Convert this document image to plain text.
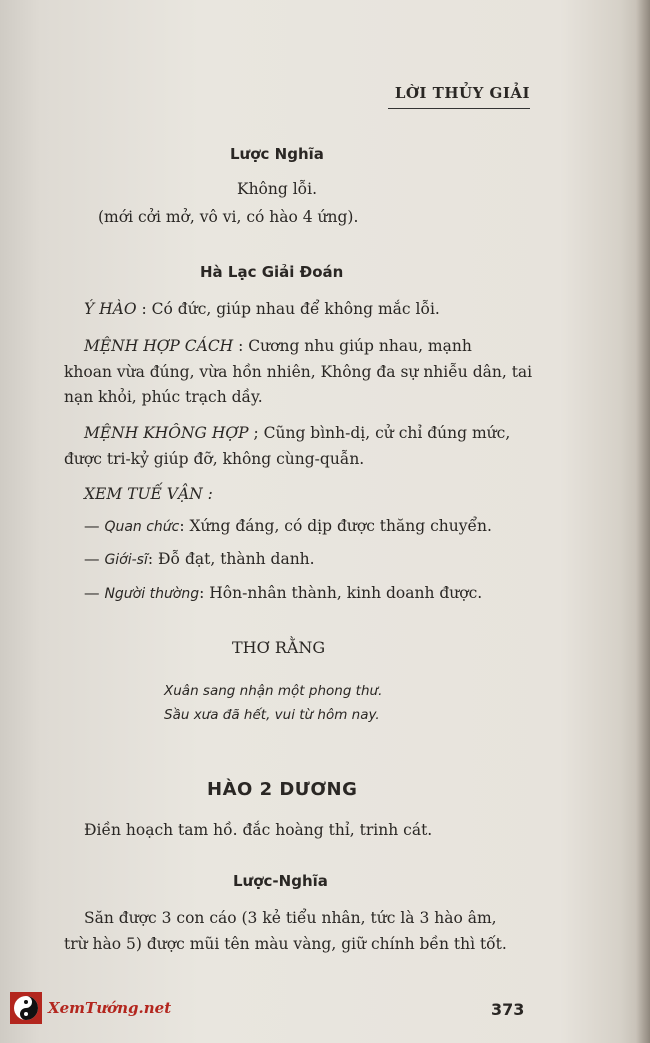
LỜI THỦY GIẢI
Lược Nghĩa
Không lỗi.
(mới cởi mở, vô vi, có hào 4 ứng).
Hà Lạc Giải Đoán
Ý HÀO : Có đức, giúp nhau để không mắc lỗi.
MỆNH HỢP CÁCH : Cương nhu giúp nhau, mạnh
khoan vừa đúng, vừa hồn nhiên, Không đa sự nhiễu dân, tai
nạn khỏi, phúc trạch dầy.
MỆNH KHÔNG HỢP ; Cũng bình-dị, cử chỉ đúng mức,
được tri-kỷ giúp đỡ, không cùng-quẫn.
XEM TUẾ VẬN :
— Quan chức: Xứng đáng, có dịp được thăng chuyển.
— Giới-sĩ: Đỗ đạt, thành danh.
— Người thường: Hôn-nhân thành, kinh doanh được.
THƠ RẰNG
Xuân sang nhận một phong thư.
Sầu xưa đã hết, vui từ hôm nay.
HÀO 2 DƯƠNG
Điền hoạch tam hồ. đắc hoàng thỉ, trinh cát.
Lược-Nghĩa
Săn được 3 con cáo (3 kẻ tiểu nhân, tức là 3 hào âm,
trừ hào 5) được mũi tên màu vàng, giữ chính bền thì tốt.
373
XemTướng.net
